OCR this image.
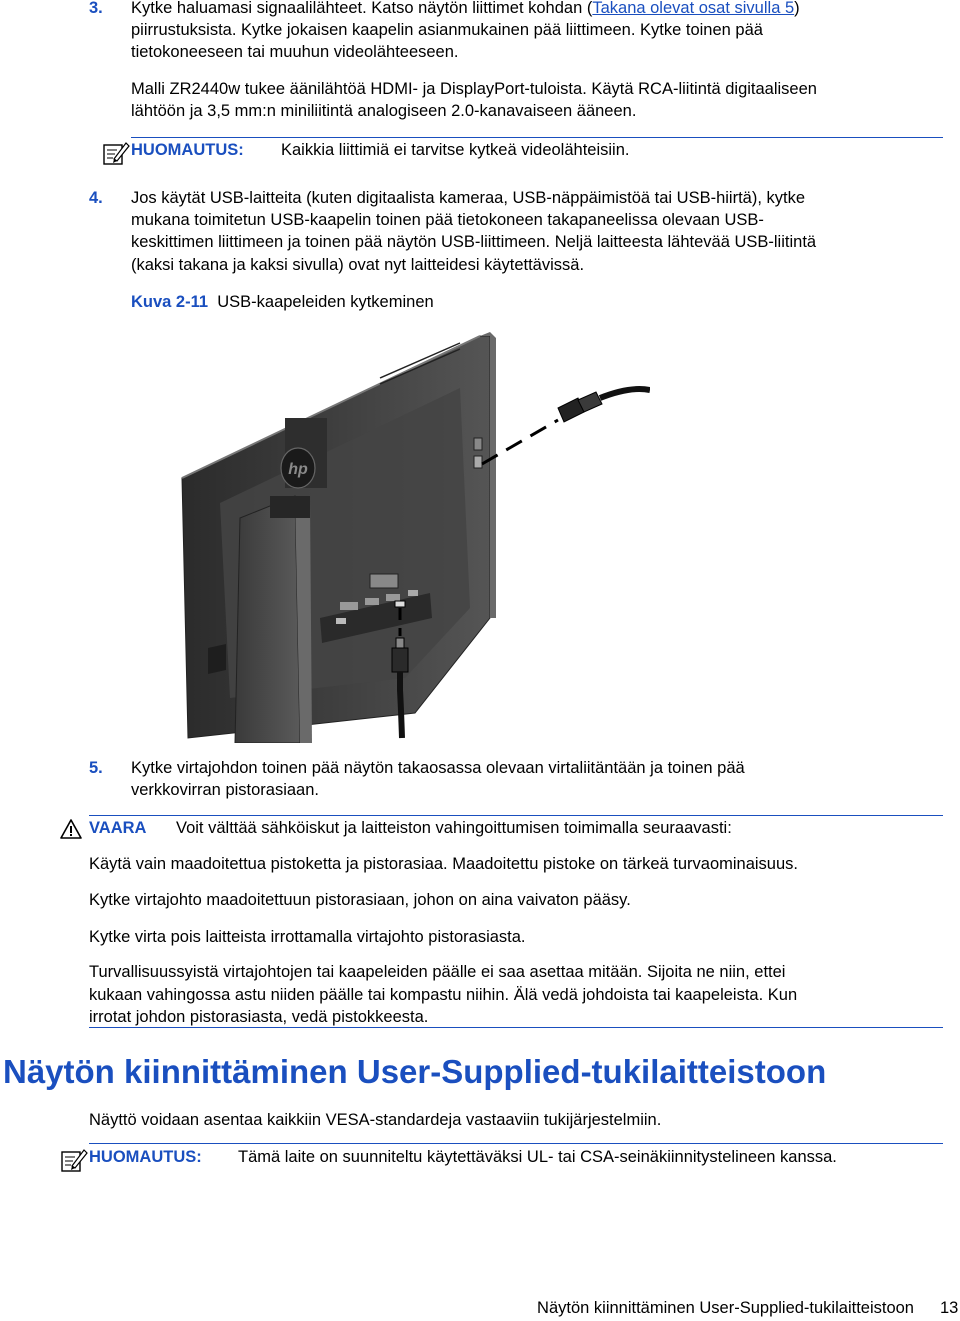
3. Kytke haluamasi signaalilähteet. Katso näytön liittimet kohdan (Takana olevat osat sivulla 5)
piirrustuksista. Kytke jokaisen kaapelin asianmukainen pää liittimeen. Kytke toinen pää
tietokoneeseen tai muuhun videolähteeseen.
Malli ZR2440w tukee äänilähtöä HDMI- ja DisplayPort-tuloista. Käytä RCA-liitintä digitaaliseen
lähtöön ja 3,5 mm:n miniliitintä analogiseen 2.0-kanavaiseen ääneen.
HUOMAUTUS: Kaikkia liittimiä ei tarvitse kytkeä videolähteisiin.
4. Jos käytät USB-laitteita (kuten digitaalista kameraa, USB-näppäimistöä tai USB-hiirtä), kytke
mukana toimitetun USB-kaapelin toinen pää tietokoneen takapaneelissa olevaan USB-
keskittimen liittimeen ja toinen pää näytön USB-liittimeen. Neljä laitteesta lähtevää USB-liitintä
(kaksi takana ja kaksi sivulla) ovat nyt laitteidesi käytettävissä.
Kuva 2-11 USB-kaapeleiden kytkeminen
hp
5. Kytke virtajohdon toinen pää näytön takaosassa olevaan virtaliitäntään ja toinen pää
verkkovirran pistorasiaan.
VAARA Voit välttää sähköiskut ja laitteiston vahingoittumisen toimimalla seuraavasti:
Käytä vain maadoitettua pistoketta ja pistorasiaa. Maadoitettu pistoke on tärkeä turvaominaisuus.
Kytke virtajohto maadoitettuun pistorasiaan, johon on aina vaivaton pääsy.
Kytke virta pois laitteista irrottamalla virtajohto pistorasiasta.
Turvallisuussyistä virtajohtojen tai kaapeleiden päälle ei saa asettaa mitään. Sijoita ne niin, ettei
kukaan vahingossa astu niiden päälle tai kompastu niihin. Älä vedä johdoista tai kaapeleista. Kun
irrotat johdon pistorasiasta, vedä pistokkeesta.
Näytön kiinnittäminen User-Supplied-tukilaitteistoon
Näyttö voidaan asentaa kaikkiin VESA-standardeja vastaaviin tukijärjestelmiin.
HUOMAUTUS: Tämä laite on suunniteltu käytettäväksi UL- tai CSA-seinäkiinnitystelineen kanssa.
Näytön kiinnittäminen User-Supplied-tukilaitteistoon 13
